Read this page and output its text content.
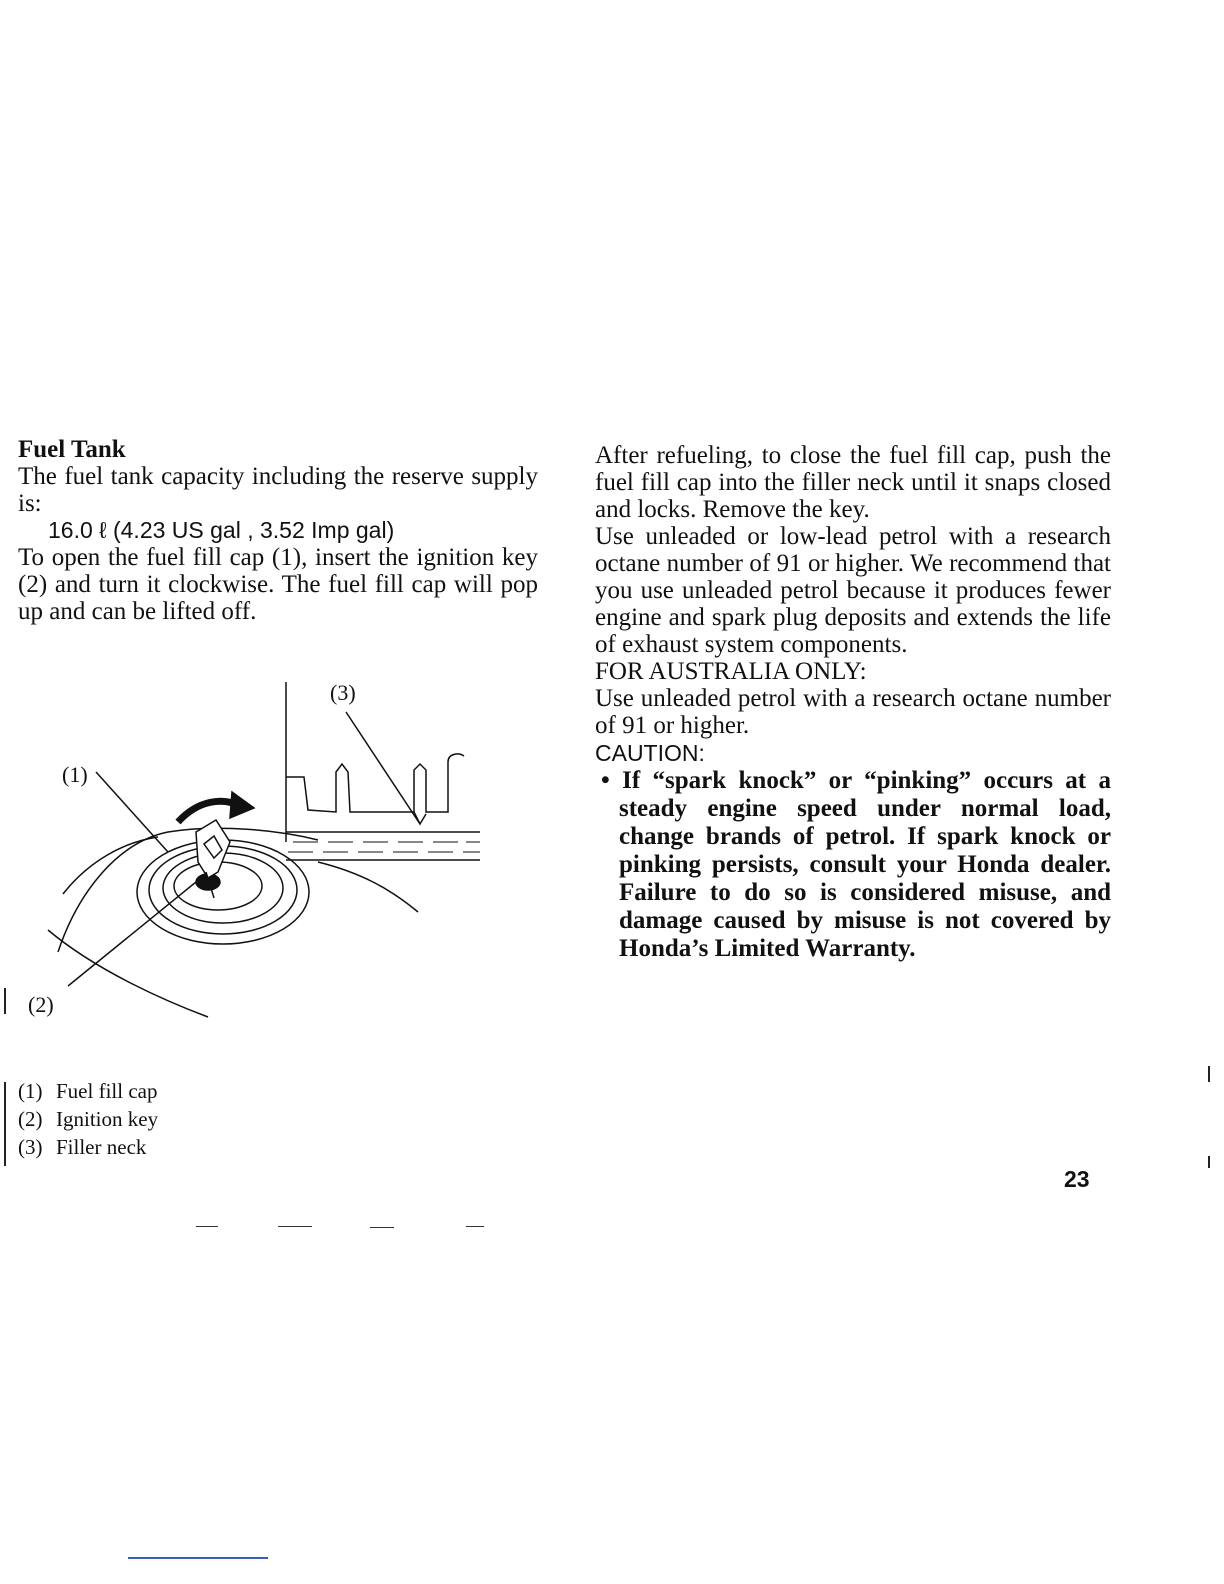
Fuel Tank
The fuel tank capacity including the reserve supply is:
16.0 ℓ (4.23 US gal , 3.52 Imp gal)
To open the fuel fill cap (1), insert the ignition key (2) and turn it clockwise. The fuel fill cap will pop up and can be lifted off.
(3)
(1)
(2)
(1) Fuel fill cap
(2) Ignition key
(3) Filler neck

After refueling, to close the fuel fill cap, push the fuel fill cap into the filler neck until it snaps closed and locks. Remove the key.

Use unleaded or low-lead petrol with a research octane number of 91 or higher. We recommend that you use unleaded petrol because it produces fewer engine and spark plug deposits and extends the life of exhaust system components.

FOR AUSTRALIA ONLY:

Use unleaded petrol with a research octane number of 91 or higher.

CAUTION:

• If “spark knock” or “pinking” occurs at a steady engine speed under normal load, change brands of petrol. If spark knock or pinking persists, consult your Honda dealer. Failure to do so is considered misuse, and damage caused by misuse is not covered by Honda’s Limited Warranty.

23
